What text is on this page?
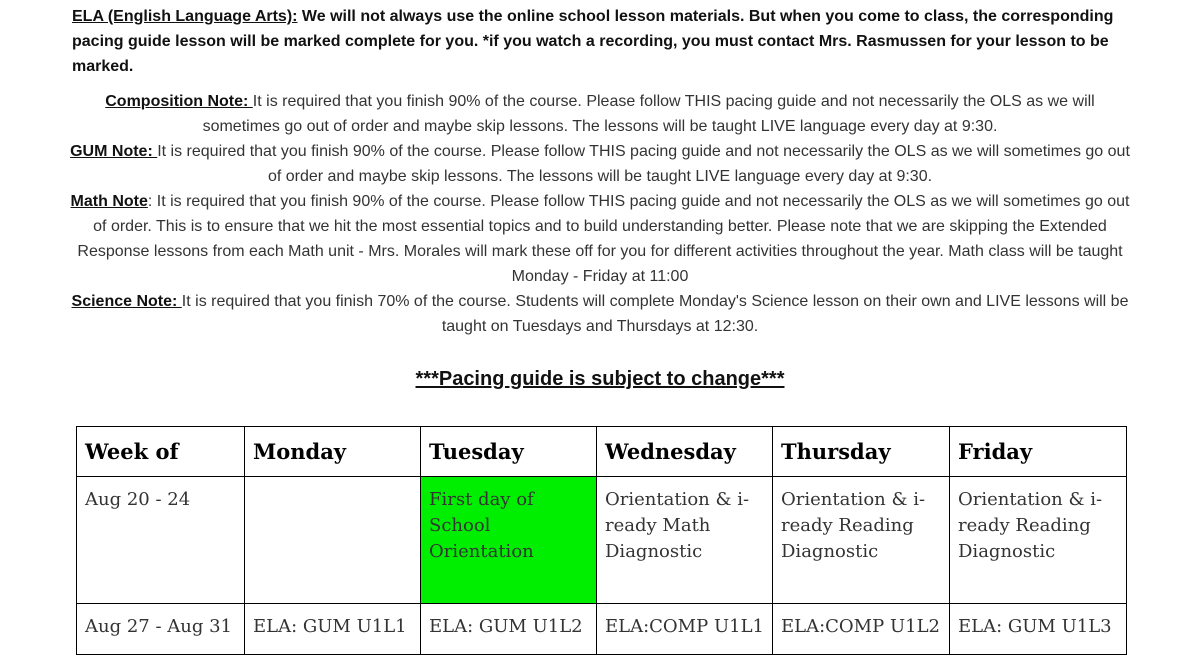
ELA (English Language Arts): We will not always use the online school lesson materials. But when you come to class, the corresponding pacing guide lesson will be marked complete for you. *if you watch a recording, you must contact Mrs. Rasmussen for your lesson to be marked.
Composition Note: It is required that you finish 90% of the course. Please follow THIS pacing guide and not necessarily the OLS as we will sometimes go out of order and maybe skip lessons. The lessons will be taught LIVE language every day at 9:30.
GUM Note: It is required that you finish 90% of the course. Please follow THIS pacing guide and not necessarily the OLS as we will sometimes go out of order and maybe skip lessons. The lessons will be taught LIVE language every day at 9:30.
Math Note: It is required that you finish 90% of the course. Please follow THIS pacing guide and not necessarily the OLS as we will sometimes go out of order. This is to ensure that we hit the most essential topics and to build understanding better. Please note that we are skipping the Extended Response lessons from each Math unit - Mrs. Morales will mark these off for you for different activities throughout the year. Math class will be taught Monday - Friday at 11:00
Science Note: It is required that you finish 70% of the course. Students will complete Monday's Science lesson on their own and LIVE lessons will be taught on Tuesdays and Thursdays at 12:30.
***Pacing guide is subject to change***
Week of	Monday	Tuesday	Wednesday	Thursday	Friday
Aug 20 - 24		First day of School Orientation	Orientation & i-ready Math Diagnostic	Orientation & i-ready Reading Diagnostic	Orientation & i-ready Reading Diagnostic
Aug 27 - Aug 31	ELA: GUM U1L1	ELA: GUM U1L2	ELA:COMP U1L1	ELA:COMP U1L2	ELA: GUM U1L3
